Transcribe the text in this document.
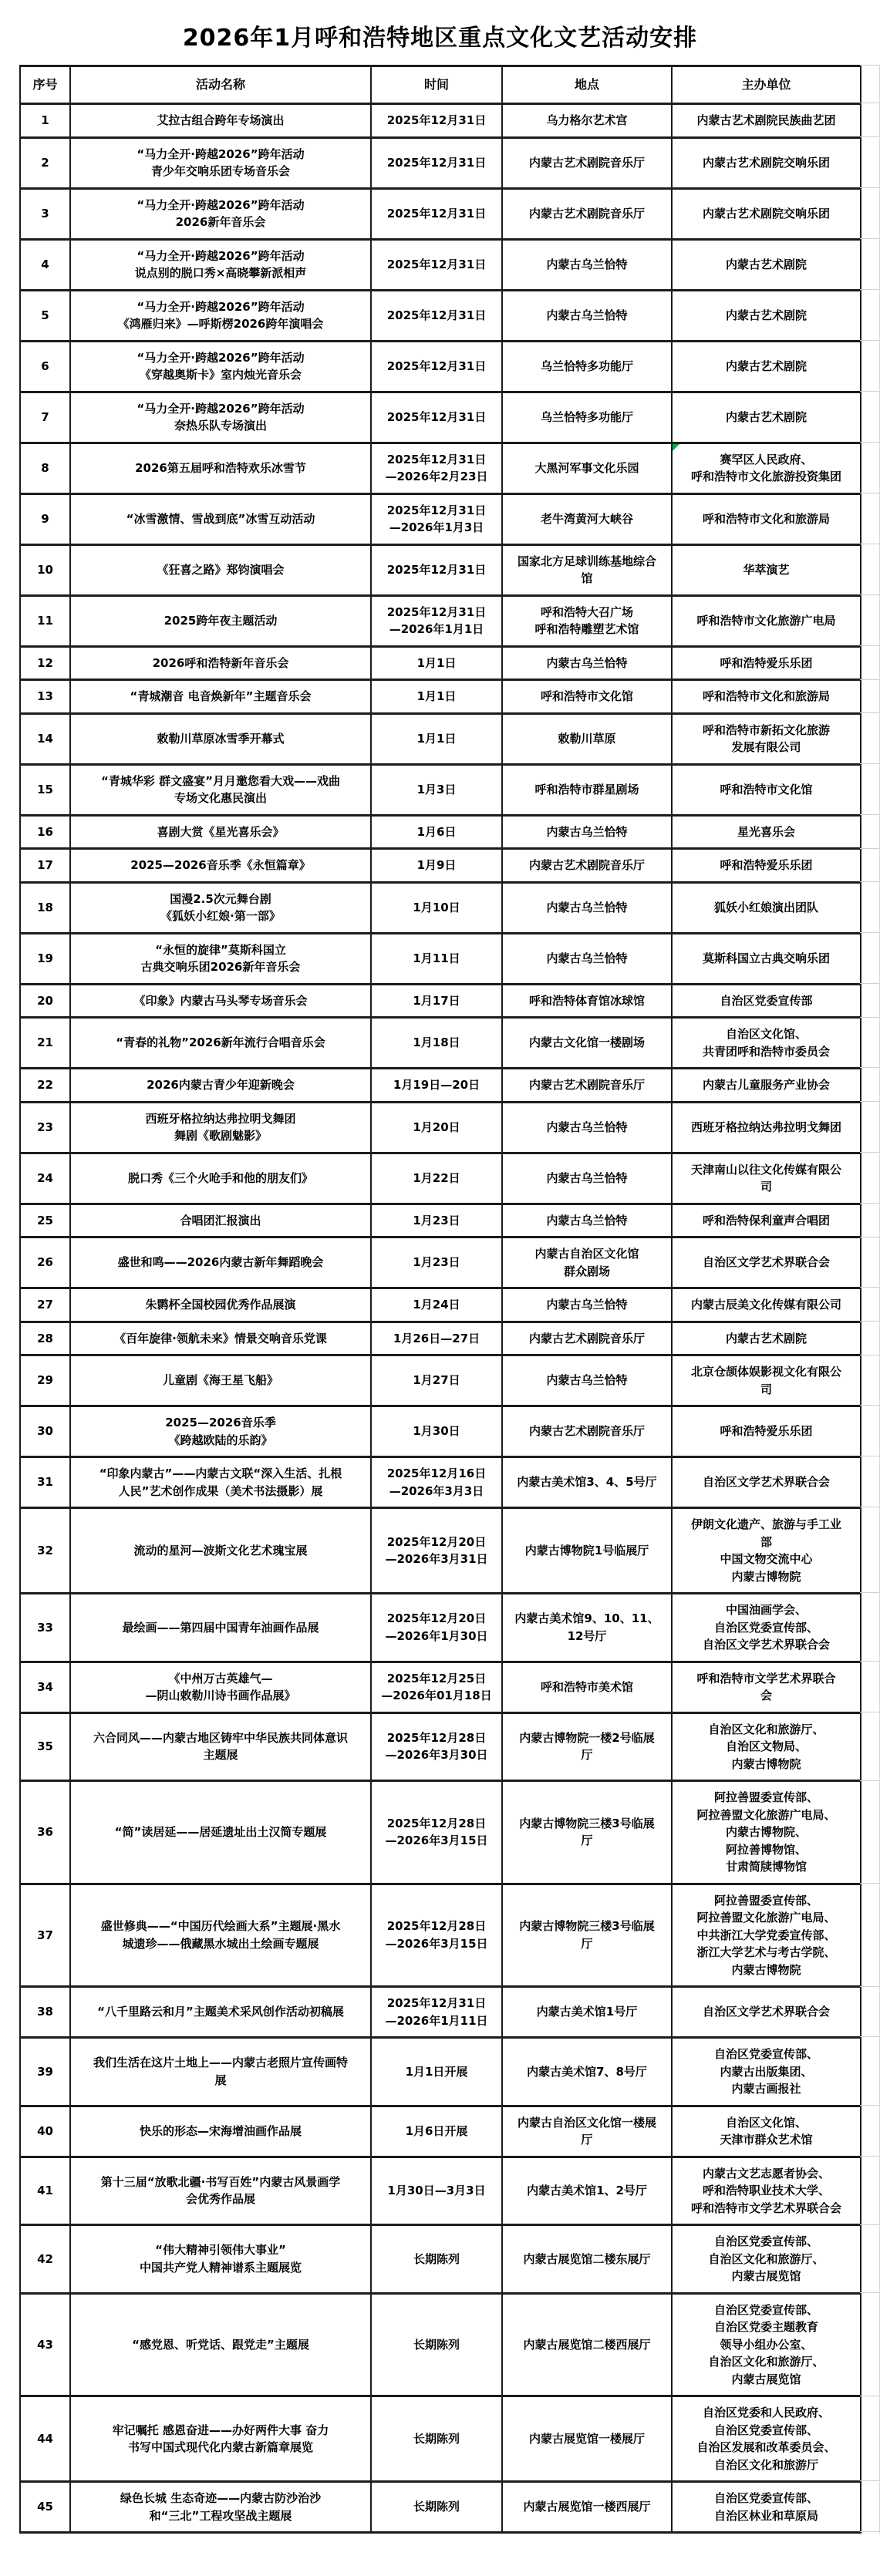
2026年1月呼和浩特地区重点文化文艺活动安排
序号	活动名称	时间	地点	主办单位
1	艾拉古组合跨年专场演出	2025年12月31日	乌力格尔艺术宫	内蒙古艺术剧院民族曲艺团
2	“马力全开·跨越2026”跨年活动
青少年交响乐团专场音乐会	2025年12月31日	内蒙古艺术剧院音乐厅	内蒙古艺术剧院交响乐团
3	“马力全开·跨越2026”跨年活动
2026新年音乐会	2025年12月31日	内蒙古艺术剧院音乐厅	内蒙古艺术剧院交响乐团
4	“马力全开·跨越2026”跨年活动
说点别的脱口秀×高晓攀新派相声	2025年12月31日	内蒙古乌兰恰特	内蒙古艺术剧院
5	“马力全开·跨越2026”跨年活动
《鸿雁归来》—呼斯楞2026跨年演唱会	2025年12月31日	内蒙古乌兰恰特	内蒙古艺术剧院
6	“马力全开·跨越2026”跨年活动
《穿越奥斯卡》室内烛光音乐会	2025年12月31日	乌兰恰特多功能厅	内蒙古艺术剧院
7	“马力全开·跨越2026”跨年活动
奈热乐队专场演出	2025年12月31日	乌兰恰特多功能厅	内蒙古艺术剧院
8	2026第五届呼和浩特欢乐冰雪节	2025年12月31日
—2026年2月23日	大黑河军事文化乐园	赛罕区人民政府、
呼和浩特市文化旅游投资集团

9	“冰雪激情、雪战到底”冰雪互动活动	2025年12月31日
—2026年1月3日	老牛湾黄河大峡谷	呼和浩特市文化和旅游局
10	《狂喜之路》郑钧演唱会	2025年12月31日	国家北方足球训练基地综合
馆	华萃演艺
11	2025跨年夜主题活动	2025年12月31日
—2026年1月1日	呼和浩特大召广场
呼和浩特雕塑艺术馆	呼和浩特市文化旅游广电局
12	2026呼和浩特新年音乐会	1月1日	内蒙古乌兰恰特	呼和浩特爱乐乐团
13	“青城潮音 电音焕新年”主题音乐会	1月1日	呼和浩特市文化馆	呼和浩特市文化和旅游局
14	敕勒川草原冰雪季开幕式	1月1日	敕勒川草原	呼和浩特市新拓文化旅游
发展有限公司
15	“青城华彩 群文盛宴”月月邀您看大戏——戏曲
专场文化惠民演出	1月3日	呼和浩特市群星剧场	呼和浩特市文化馆
16	喜剧大赏《星光喜乐会》	1月6日	内蒙古乌兰恰特	星光喜乐会
17	2025—2026音乐季《永恒篇章》	1月9日	内蒙古艺术剧院音乐厅	呼和浩特爱乐乐团
18	国漫2.5次元舞台剧
《狐妖小红娘·第一部》	1月10日	内蒙古乌兰恰特	狐妖小红娘演出团队
19	“永恒的旋律”莫斯科国立
古典交响乐团2026新年音乐会	1月11日	内蒙古乌兰恰特	莫斯科国立古典交响乐团
20	《印象》内蒙古马头琴专场音乐会	1月17日	呼和浩特体育馆冰球馆	自治区党委宣传部
21	“青春的礼物”2026新年流行合唱音乐会	1月18日	内蒙古文化馆一楼剧场	自治区文化馆、
共青团呼和浩特市委员会
22	2026内蒙古青少年迎新晚会	1月19日—20日	内蒙古艺术剧院音乐厅	内蒙古儿童服务产业协会
23	西班牙格拉纳达弗拉明戈舞团
舞剧《歌剧魅影》	1月20日	内蒙古乌兰恰特	西班牙格拉纳达弗拉明戈舞团
24	脱口秀《三个火呛手和他的朋友们》	1月22日	内蒙古乌兰恰特	天津南山以往文化传媒有限公
司
25	合唱团汇报演出	1月23日	内蒙古乌兰恰特	呼和浩特保利童声合唱团
26	盛世和鸣——2026内蒙古新年舞蹈晚会	1月23日	内蒙古自治区文化馆
群众剧场	自治区文学艺术界联合会
27	朱鹮杯全国校园优秀作品展演	1月24日	内蒙古乌兰恰特	内蒙古辰美文化传媒有限公司
28	《百年旋律·领航未来》情景交响音乐党课	1月26日—27日	内蒙古艺术剧院音乐厅	内蒙古艺术剧院
29	儿童剧《海王星飞船》	1月27日	内蒙古乌兰恰特	北京仓颉体娱影视文化有限公
司
30	2025—2026音乐季
《跨越欧陆的乐韵》	1月30日	内蒙古艺术剧院音乐厅	呼和浩特爱乐乐团
31	“印象内蒙古”——内蒙古文联“深入生活、扎根
人民”艺术创作成果（美术书法摄影）展	2025年12月16日
—2026年3月3日	内蒙古美术馆3、4、5号厅	自治区文学艺术界联合会
32	流动的星河—波斯文化艺术瑰宝展	2025年12月20日
—2026年3月31日	内蒙古博物院1号临展厅	伊朗文化遗产、旅游与手工业
部
中国文物交流中心
内蒙古博物院
33	最绘画——第四届中国青年油画作品展	2025年12月20日
—2026年1月30日	内蒙古美术馆9、10、11、
12号厅	中国油画学会、
自治区党委宣传部、
自治区文学艺术界联合会
34	《中州万古英雄气—
—阴山敕勒川诗书画作品展》	2025年12月25日
—2026年01月18日	呼和浩特市美术馆	呼和浩特市文学艺术界联合
会
35	六合同风——内蒙古地区铸牢中华民族共同体意识
主题展	2025年12月28日
—2026年3月30日	内蒙古博物院一楼2号临展
厅	自治区文化和旅游厅、
自治区文物局、
内蒙古博物院
36	“简”读居延——居延遗址出土汉简专题展	2025年12月28日
—2026年3月15日	内蒙古博物院三楼3号临展
厅	阿拉善盟委宣传部、
阿拉善盟文化旅游广电局、
内蒙古博物院、
阿拉善博物馆、
甘肃简牍博物馆
37	盛世修典——“中国历代绘画大系”主题展·黑水
城遗珍——俄藏黑水城出土绘画专题展	2025年12月28日
—2026年3月15日	内蒙古博物院三楼3号临展
厅	阿拉善盟委宣传部、
阿拉善盟文化旅游广电局、
中共浙江大学党委宣传部、
浙江大学艺术与考古学院、
内蒙古博物院
38	“八千里路云和月”主题美术采风创作活动初稿展	2025年12月31日
—2026年1月11日	内蒙古美术馆1号厅	自治区文学艺术界联合会
39	我们生活在这片土地上——内蒙古老照片宣传画特
展	1月1日开展	内蒙古美术馆7、8号厅	自治区党委宣传部、
内蒙古出版集团、
内蒙古画报社
40	快乐的形态—宋海增油画作品展	1月6日开展	内蒙古自治区文化馆一楼展
厅	自治区文化馆、
天津市群众艺术馆
41	第十三届“放歌北疆·书写百姓”内蒙古风景画学
会优秀作品展	1月30日—3月3日	内蒙古美术馆1、2号厅	内蒙古文艺志愿者协会、
呼和浩特职业技术大学、
呼和浩特市文学艺术界联合会
42	“伟大精神引领伟大事业”
中国共产党人精神谱系主题展览	长期陈列	内蒙古展览馆二楼东展厅	自治区党委宣传部、
自治区文化和旅游厅、
内蒙古展览馆
43	“感党恩、听党话、跟党走”主题展	长期陈列	内蒙古展览馆二楼西展厅	自治区党委宣传部、
自治区党委主题教育
领导小组办公室、
自治区文化和旅游厅、
内蒙古展览馆
44	牢记嘱托 感恩奋进——办好两件大事 奋力
书写中国式现代化内蒙古新篇章展览	长期陈列	内蒙古展览馆一楼展厅	自治区党委和人民政府、
自治区党委宣传部、
自治区发展和改革委员会、
自治区文化和旅游厅
45	绿色长城 生态奇迹——内蒙古防沙治沙
和“三北”工程攻坚战主题展	长期陈列	内蒙古展览馆一楼西展厅	自治区党委宣传部、
自治区林业和草原局
